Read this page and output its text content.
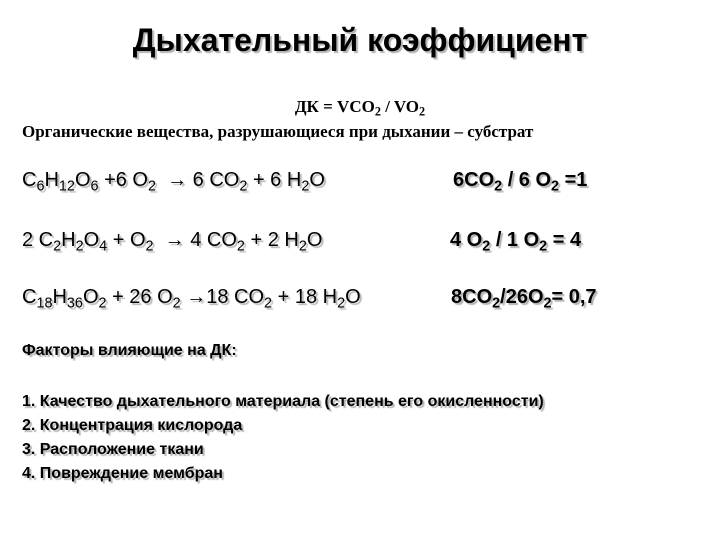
Дыхательный коэффициент
ДК = $VCO_2 / VO_2$
Органические вещества, разрушающиеся при дыхании – субстрат
$C_6H_{12}O_6 +6$ $O_2 \to 6$ $CO_2 + 6$ $H_2O$	$6CO_2 / 6$ $O_2 =1$
2 $C_2H_2O_4 + O_2 \to 4$ $CO_2 + 2$ $H_2O$	4 $O_2 / 1$ $O_2 = 4$
$C_{18}H_{36}O_2 + 26$ $O_2 \to 18$ $CO_2 + 18$ $H_2O$	$8CO_2/26O_2= 0,7$
Факторы влияющие на ДК:
1. Качество дыхательного материала (степень его окисленности)
2. Концентрация кислорода
3. Расположение ткани
4. Повреждение мембран
